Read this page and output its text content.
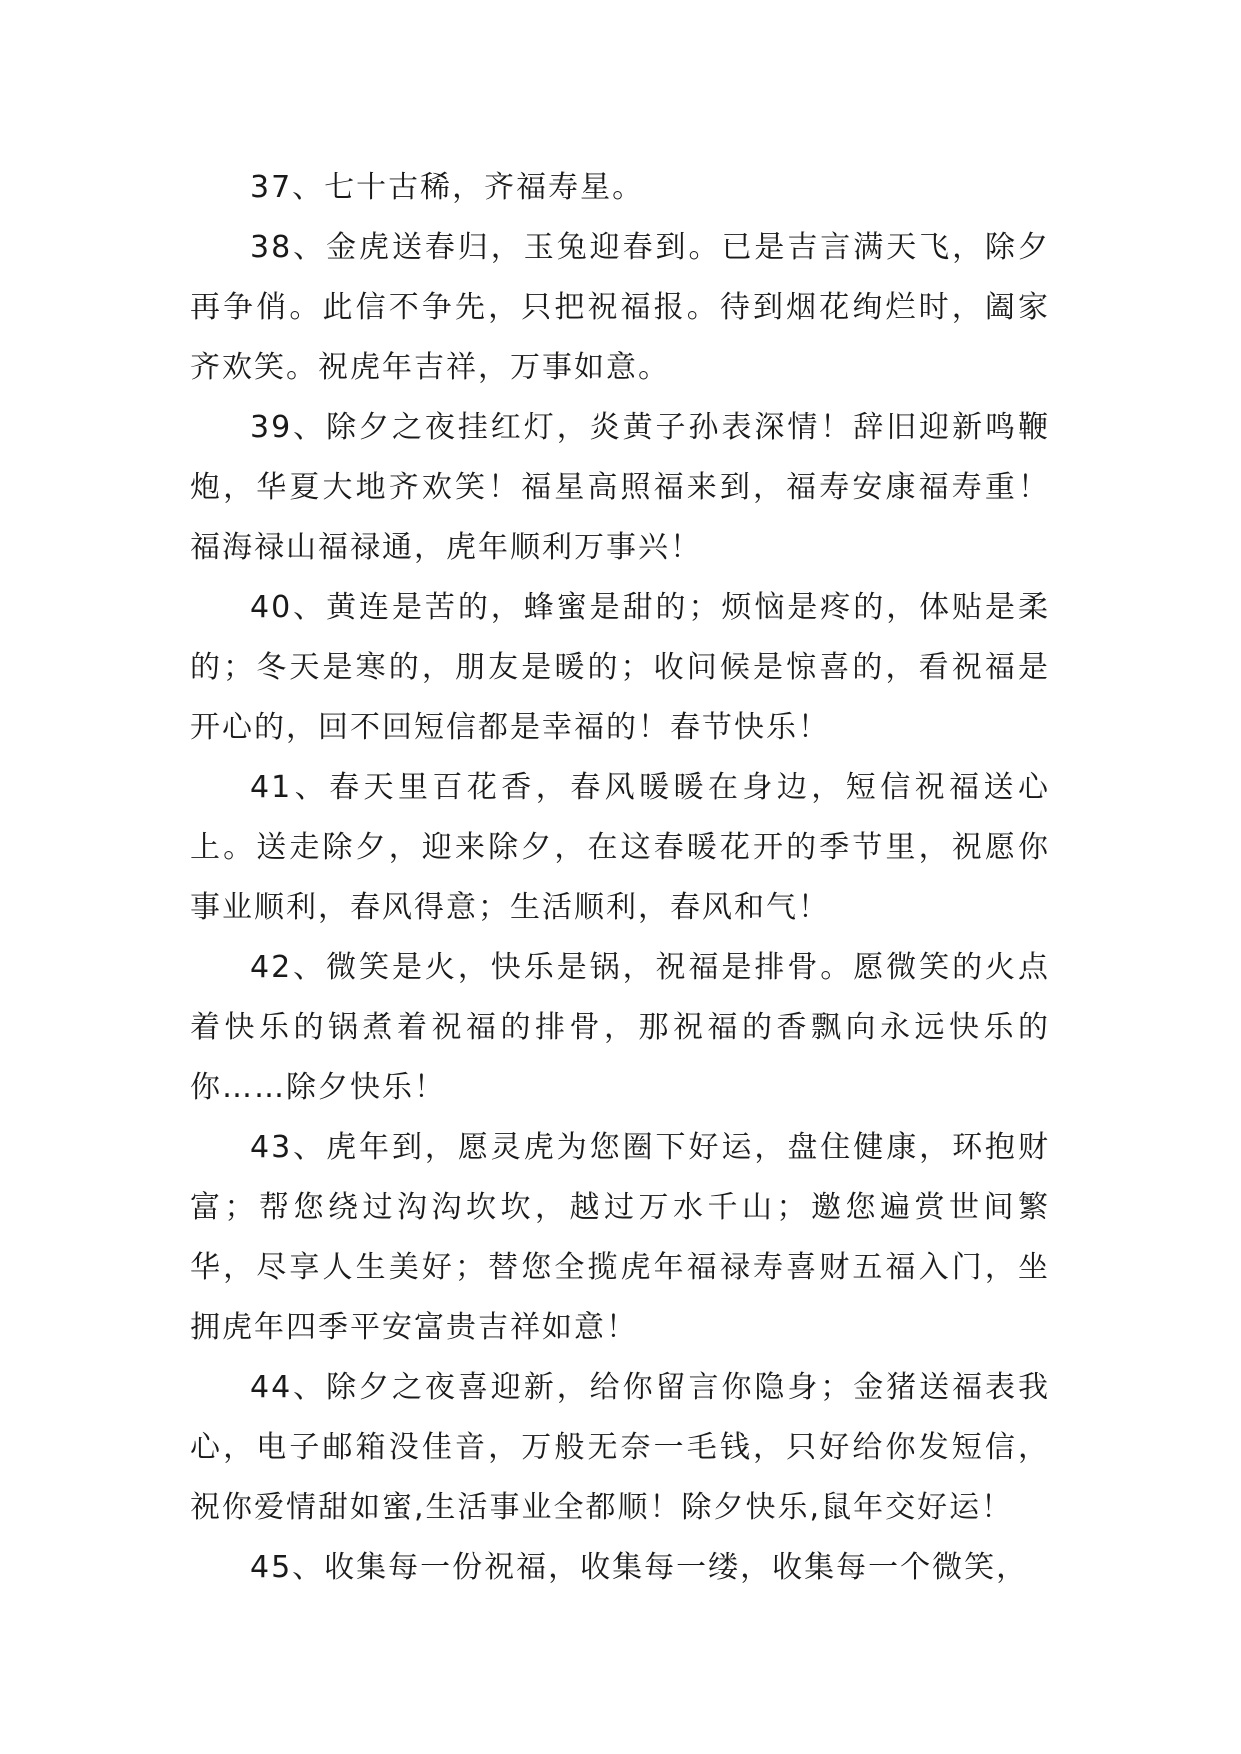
37、七十古稀，齐福寿星。

38、金虎送春归，玉兔迎春到。已是吉言满天飞，除夕再争俏。此信不争先，只把祝福报。待到烟花绚烂时，阖家齐欢笑。祝虎年吉祥，万事如意。

39、除夕之夜挂红灯，炎黄子孙表深情！辞旧迎新鸣鞭炮，华夏大地齐欢笑！福星高照福来到，福寿安康福寿重！福海禄山福禄通，虎年顺利万事兴！

40、黄连是苦的，蜂蜜是甜的；烦恼是疼的，体贴是柔的；冬天是寒的，朋友是暖的；收问候是惊喜的，看祝福是开心的，回不回短信都是幸福的！春节快乐！

41、春天里百花香，春风暖暖在身边，短信祝福送心上。送走除夕，迎来除夕，在这春暖花开的季节里，祝愿你事业顺利，春风得意；生活顺利，春风和气！

42、微笑是火，快乐是锅，祝福是排骨。愿微笑的火点着快乐的锅煮着祝福的排骨，那祝福的香飘向永远快乐的你……除夕快乐！

43、虎年到，愿灵虎为您圈下好运，盘住健康，环抱财富；帮您绕过沟沟坎坎，越过万水千山；邀您遍赏世间繁华，尽享人生美好；替您全揽虎年福禄寿喜财五福入门，坐拥虎年四季平安富贵吉祥如意！

44、除夕之夜喜迎新，给你留言你隐身；金猪送福表我心，电子邮箱没佳音，万般无奈一毛钱，只好给你发短信，祝你爱情甜如蜜,生活事业全都顺！除夕快乐,鼠年交好运！

45、收集每一份祝福，收集每一缕，收集每一个微笑，
